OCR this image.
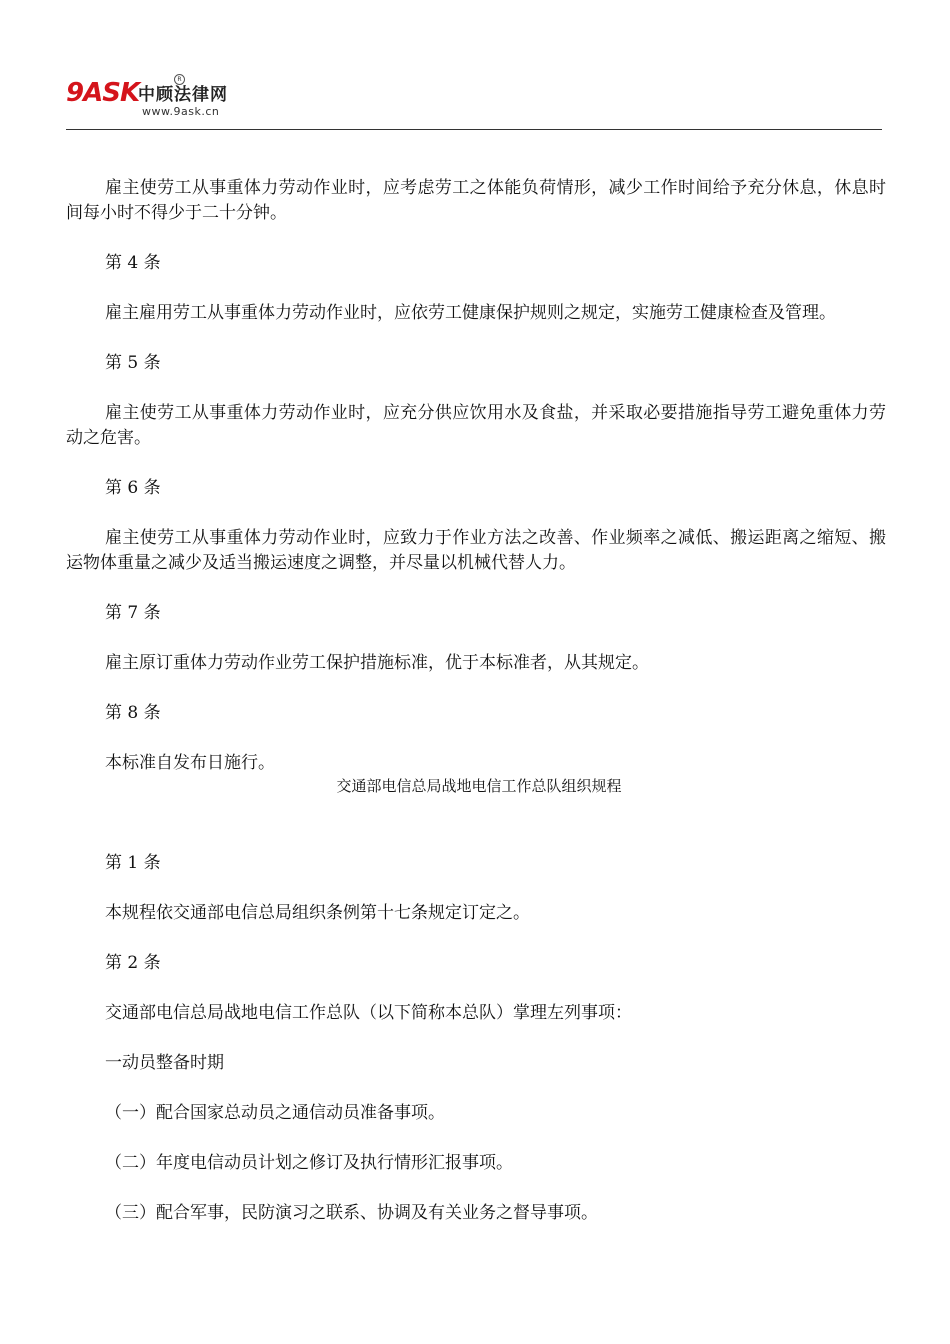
9ASK
中顾法律网
R
www.9ask.cn

雇主使劳工从事重体力劳动作业时，应考虑劳工之体能负荷情形，减少工作时间给予充分休息，休息时间每小时不得少于二十分钟。

第 4 条

雇主雇用劳工从事重体力劳动作业时，应依劳工健康保护规则之规定，实施劳工健康检查及管理。

第 5 条

雇主使劳工从事重体力劳动作业时，应充分供应饮用水及食盐，并采取必要措施指导劳工避免重体力劳动之危害。

第 6 条

雇主使劳工从事重体力劳动作业时，应致力于作业方法之改善、作业频率之减低、搬运距离之缩短、搬运物体重量之减少及适当搬运速度之调整，并尽量以机械代替人力。

第 7 条

雇主原订重体力劳动作业劳工保护措施标准，优于本标准者，从其规定。

第 8 条

本标准自发布日施行。

交通部电信总局战地电信工作总队组织规程

第 1 条

本规程依交通部电信总局组织条例第十七条规定订定之。

第 2 条

交通部电信总局战地电信工作总队（以下简称本总队）掌理左列事项：

一动员整备时期

（一）配合国家总动员之通信动员准备事项。

（二）年度电信动员计划之修订及执行情形汇报事项。

（三）配合军事，民防演习之联系、协调及有关业务之督导事项。
